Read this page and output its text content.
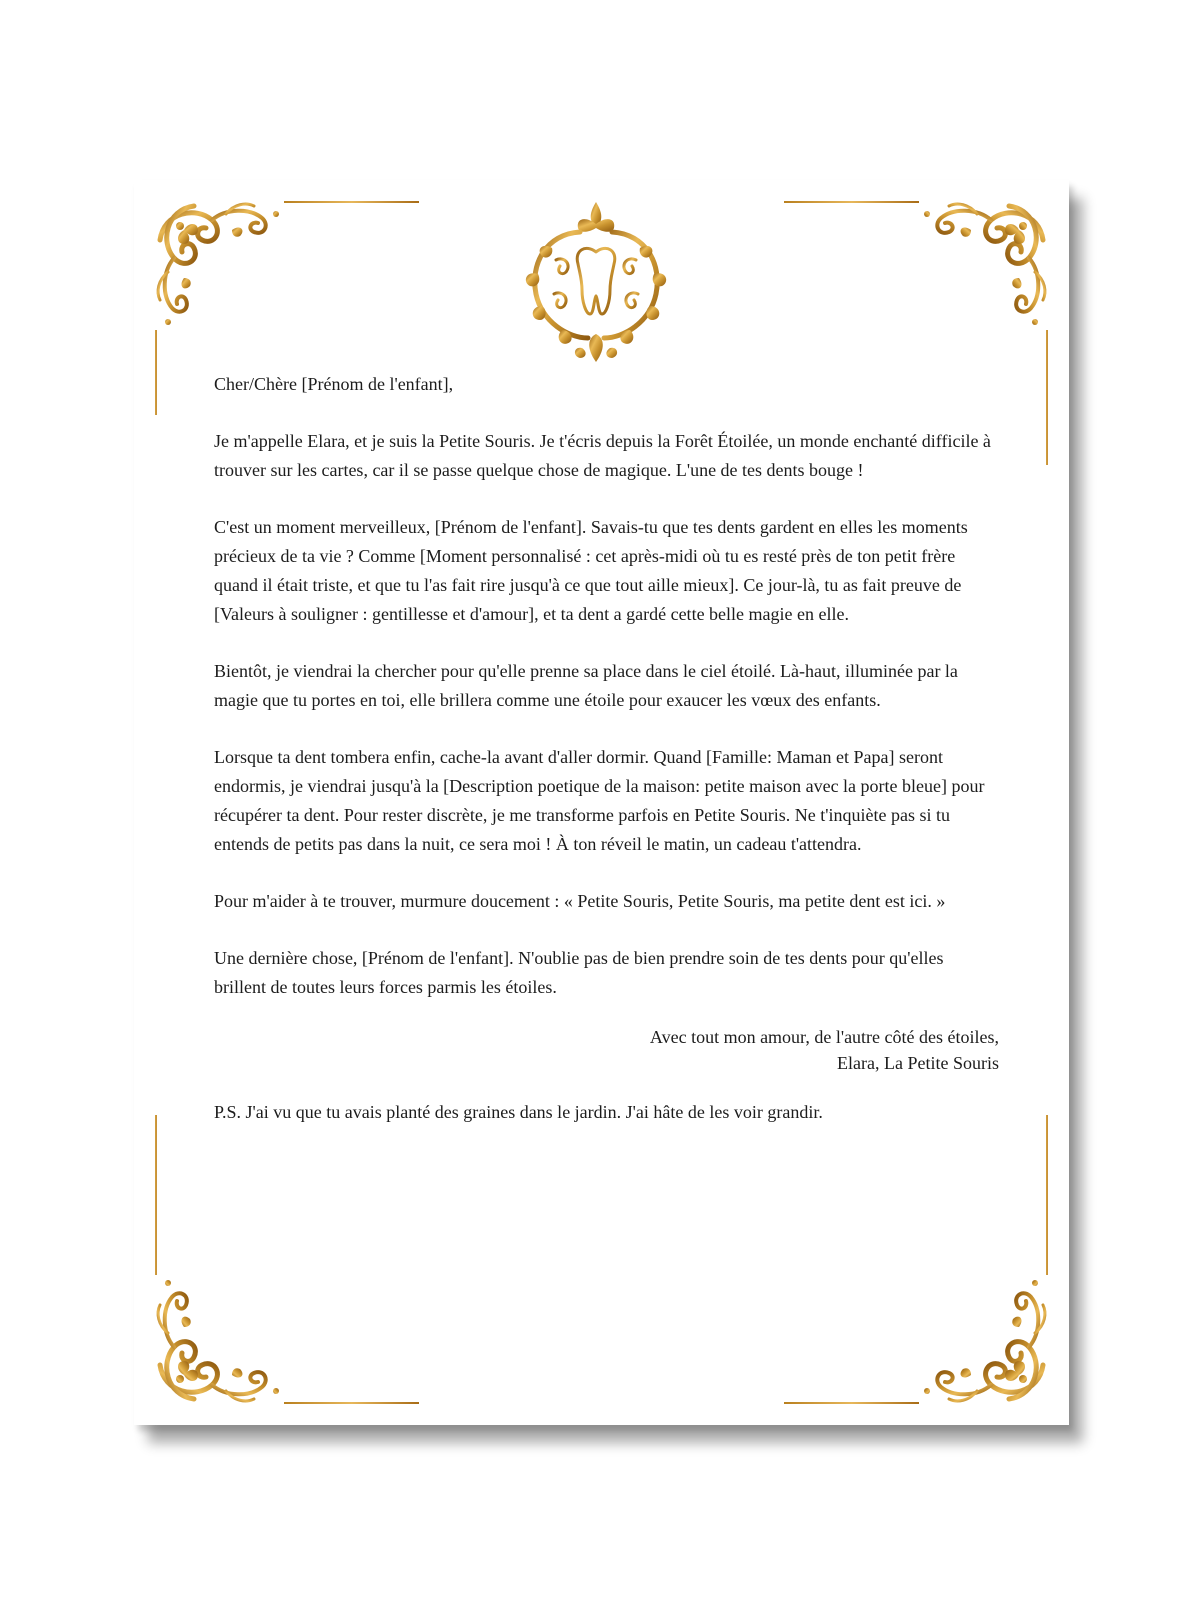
Cher/Chère [Prénom de l'enfant],

Je m'appelle Elara, et je suis la Petite Souris. Je t'écris depuis la Forêt Étoilée, un monde enchanté difficile à trouver sur les cartes, car il se passe quelque chose de magique. L'une de tes dents bouge !

C'est un moment merveilleux, [Prénom de l'enfant]. Savais-tu que tes dents gardent en elles les moments précieux de ta vie ? Comme [Moment personnalisé : cet après-midi où tu es resté près de ton petit frère quand il était triste, et que tu l'as fait rire jusqu'à ce que tout aille mieux]. Ce jour-là, tu as fait preuve de [Valeurs à souligner : gentillesse et d'amour], et ta dent a gardé cette belle magie en elle.

Bientôt, je viendrai la chercher pour qu'elle prenne sa place dans le ciel étoilé. Là-haut, illuminée par la magie que tu portes en toi, elle brillera comme une étoile pour exaucer les vœux des enfants.

Lorsque ta dent tombera enfin, cache-la avant d'aller dormir. Quand [Famille: Maman et Papa] seront endormis, je viendrai jusqu'à la [Description poetique de la maison: petite maison avec la porte bleue] pour récupérer ta dent. Pour rester discrète, je me transforme parfois en Petite Souris. Ne t'inquiète pas si tu entends de petits pas dans la nuit, ce sera moi ! À ton réveil le matin, un cadeau t'attendra.

Pour m'aider à te trouver, murmure doucement : « Petite Souris, Petite Souris, ma petite dent est ici. »

Une dernière chose, [Prénom de l'enfant]. N'oublie pas de bien prendre soin de tes dents pour qu'elles brillent de toutes leurs forces parmis les étoiles.

Avec tout mon amour, de l'autre côté des étoiles,
Elara, La Petite Souris

P.S. J'ai vu que tu avais planté des graines dans le jardin. J'ai hâte de les voir grandir.
